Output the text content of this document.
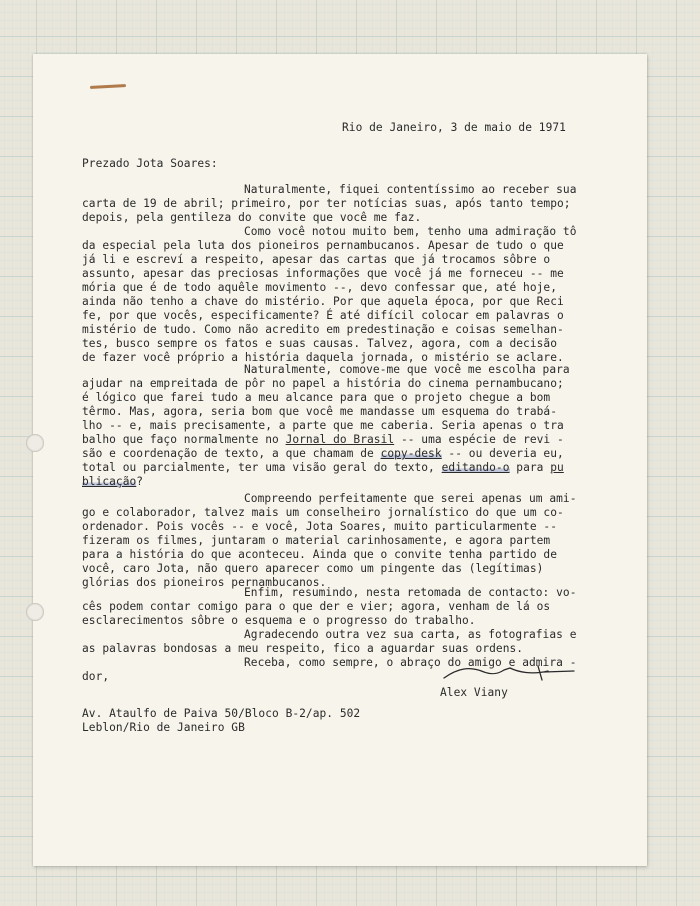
Rio de Janeiro, 3 de maio de 1971
Prezado Jota Soares:
Naturalmente, fiquei contentíssimo ao receber sua
carta de 19 de abril; primeiro, por ter notícias suas, após tanto tempo;
depois, pela gentileza do convite que você me faz.
Como você notou muito bem, tenho uma admiração tô
da especial pela luta dos pioneiros pernambucanos. Apesar de tudo o que
já li e escreví a respeito, apesar das cartas que já trocamos sôbre o
assunto, apesar das preciosas informações que você já me forneceu -- me
mória que é de todo aquêle movimento --, devo confessar que, até hoje,
ainda não tenho a chave do mistério. Por que aquela época, por que Reci
fe, por que vocês, especificamente? É até difícil colocar em palavras o
mistério de tudo. Como não acredito em predestinação e coisas semelhan-
tes, busco sempre os fatos e suas causas. Talvez, agora, com a decisão
de fazer você próprio a história daquela jornada, o mistério se aclare.
Naturalmente, comove-me que você me escolha para
ajudar na empreitada de pôr no papel a história do cinema pernambucano;
é lógico que farei tudo a meu alcance para que o projeto chegue a bom
têrmo. Mas, agora, seria bom que você me mandasse um esquema do trabá-
lho -- e, mais precisamente, a parte que me caberia. Seria apenas o tra
balho que faço normalmente no Jornal do Brasil -- uma espécie de revi -
são e coordenação de texto, a que chamam de copy-desk -- ou deveria eu,
total ou parcialmente, ter uma visão geral do texto, editando-o para pu
blicação?
Compreendo perfeitamente que serei apenas um ami-
go e colaborador, talvez mais um conselheiro jornalístico do que um co-
ordenador. Pois vocês -- e você, Jota Soares, muito particularmente --
fizeram os filmes, juntaram o material carinhosamente, e agora partem
para a história do que aconteceu. Ainda que o convite tenha partido de
você, caro Jota, não quero aparecer como um pingente das (legítimas)
glórias dos pioneiros pernambucanos.
Enfim, resumindo, nesta retomada de contacto: vo-
cês podem contar comigo para o que der e vier; agora, venham de lá os
esclarecimentos sôbre o esquema e o progresso do trabalho.
Agradecendo outra vez sua carta, as fotografias e
as palavras bondosas a meu respeito, fico a aguardar suas ordens.
Receba, como sempre, o abraço do amigo e admira -
dor,
Alex Viany
Av. Ataulfo de Paiva 50/Bloco B-2/ap. 502
Leblon/Rio de Janeiro GB
